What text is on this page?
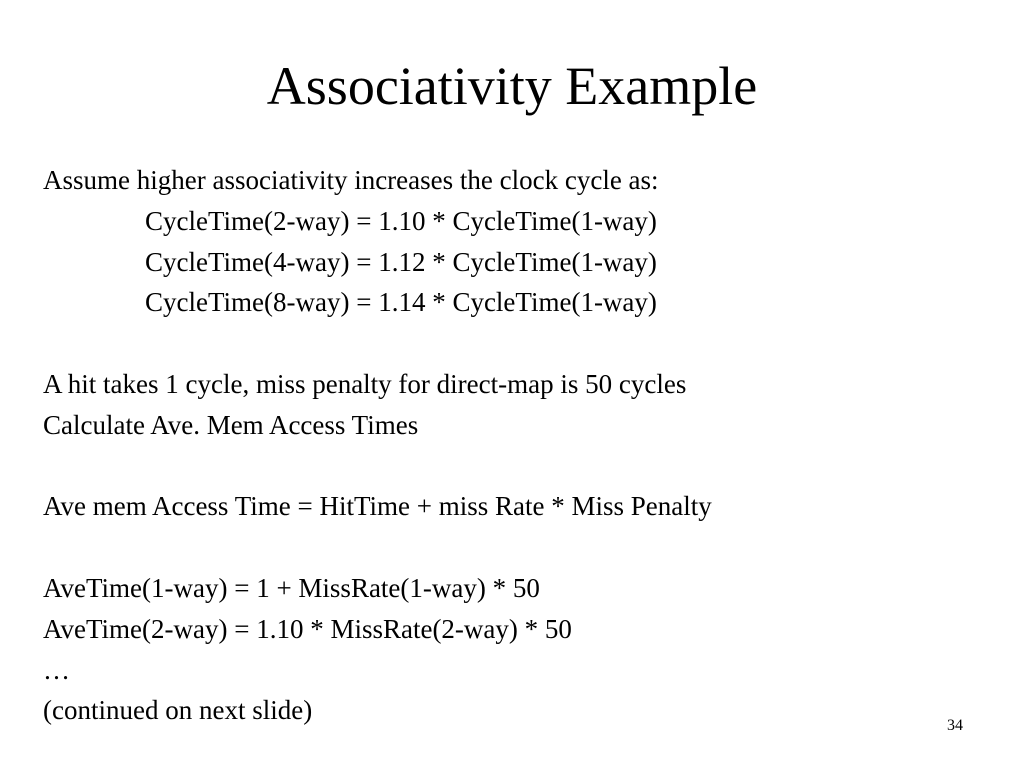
Associativity Example
Assume higher associativity increases the clock cycle as:
CycleTime(2-way) = 1.10 * CycleTime(1-way)
CycleTime(4-way) = 1.12 * CycleTime(1-way)
CycleTime(8-way) = 1.14 * CycleTime(1-way)
A hit takes 1 cycle, miss penalty for direct-map is 50 cycles
Calculate Ave. Mem Access Times
Ave mem Access Time = HitTime + miss Rate * Miss Penalty
AveTime(1-way) = 1 + MissRate(1-way) * 50
AveTime(2-way) = 1.10 * MissRate(2-way) * 50
…
(continued on next slide)
34
